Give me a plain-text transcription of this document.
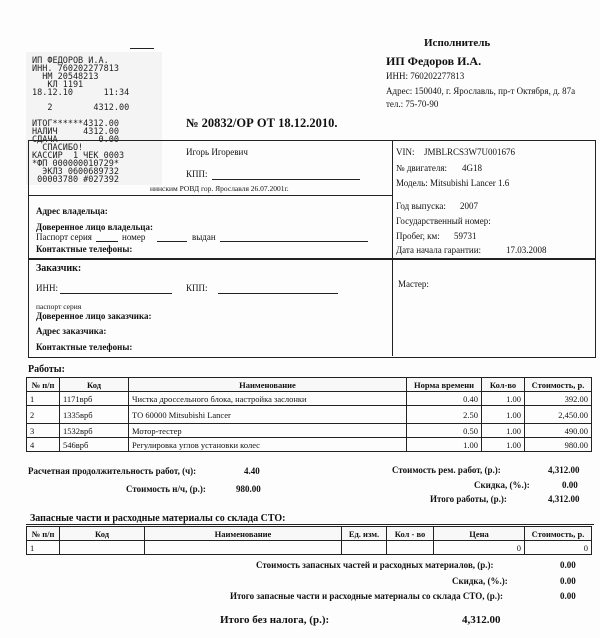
ИП ФЕДОРОВ И.А.
ИНН. 760202277813
НМ 20548213
КЛ 1191
18.12.10      11:34
2        4312.00
ИТОГ******4312.00
НАЛИЧ     4312.00
СДАЧА        0.00
СПАСИБО!
КАССИР  1 ЧЕК 0003
*ФП 000000010729*
ЭКЛЗ 0600689732
00003780 #027392
Исполнитель
ИП Федоров И.А.
ИНН: 760202277813
Адрес: 150040, г. Ярославль, пр-т Октября, д. 87а
тел.: 75-70-90
№ 20832/ОР ОТ 18.12.2010.
Игорь Игоревич
КПП:
нинским РОВД гор. Ярославля 26.07.2001г.
Адрес владельца:
Доверенное лицо владельца:
Паспорт серия	номер	выдан
Контактные телефоны:
VIN: JMBLRCS3W7U001676
№ двигателя: 4G18
Модель: Mitsubishi Lancer 1.6
Год выпуска: 2007
Государственный номер:
Пробег, км: 59731
Дата начала гарантии:	17.03.2008
Заказчик:
ИНН:	КПП:
паспорт серия
Доверенное лицо заказчика:
Адрес заказчика:
Контактные телефоны:
Мастер:
Работы:
№ п/п	Код	Наименование	Норма времени	Кол-во	Стоимость, р.
1	1171врб	Чистка дроссельного блока, настройка заслонки	0.40	1.00	392.00
2	1335врб	ТО 60000 Mitsubishi Lancer	2.50	1.00	2,450.00
3	1532врб	Мотор-тестер	0.50	1.00	490.00
4	546врб	Регулировка углов установки колес	1.00	1.00	980.00
Расчетная продолжительность работ, (ч):	4.40
Стоимость н/ч, (р.):	980.00
Стоимость рем. работ, (р.):	4,312.00
Скидка, (%.):	0.00
Итого работы, (р.):	4,312.00
Запасные части и расходные материалы со склада СТО:
№ п/п	Код	Наименование	Ед. изм.	Кол - во	Цена	Стоимость, р.
1					0	0
Стоимость запасных частей и расходных материалов, (р.):	0.00
Скидка, (%.):	0.00
Итого запасные части и расходные материалы со склада СТО, (р.):	0.00
Итого без налога, (р.):	4,312.00
